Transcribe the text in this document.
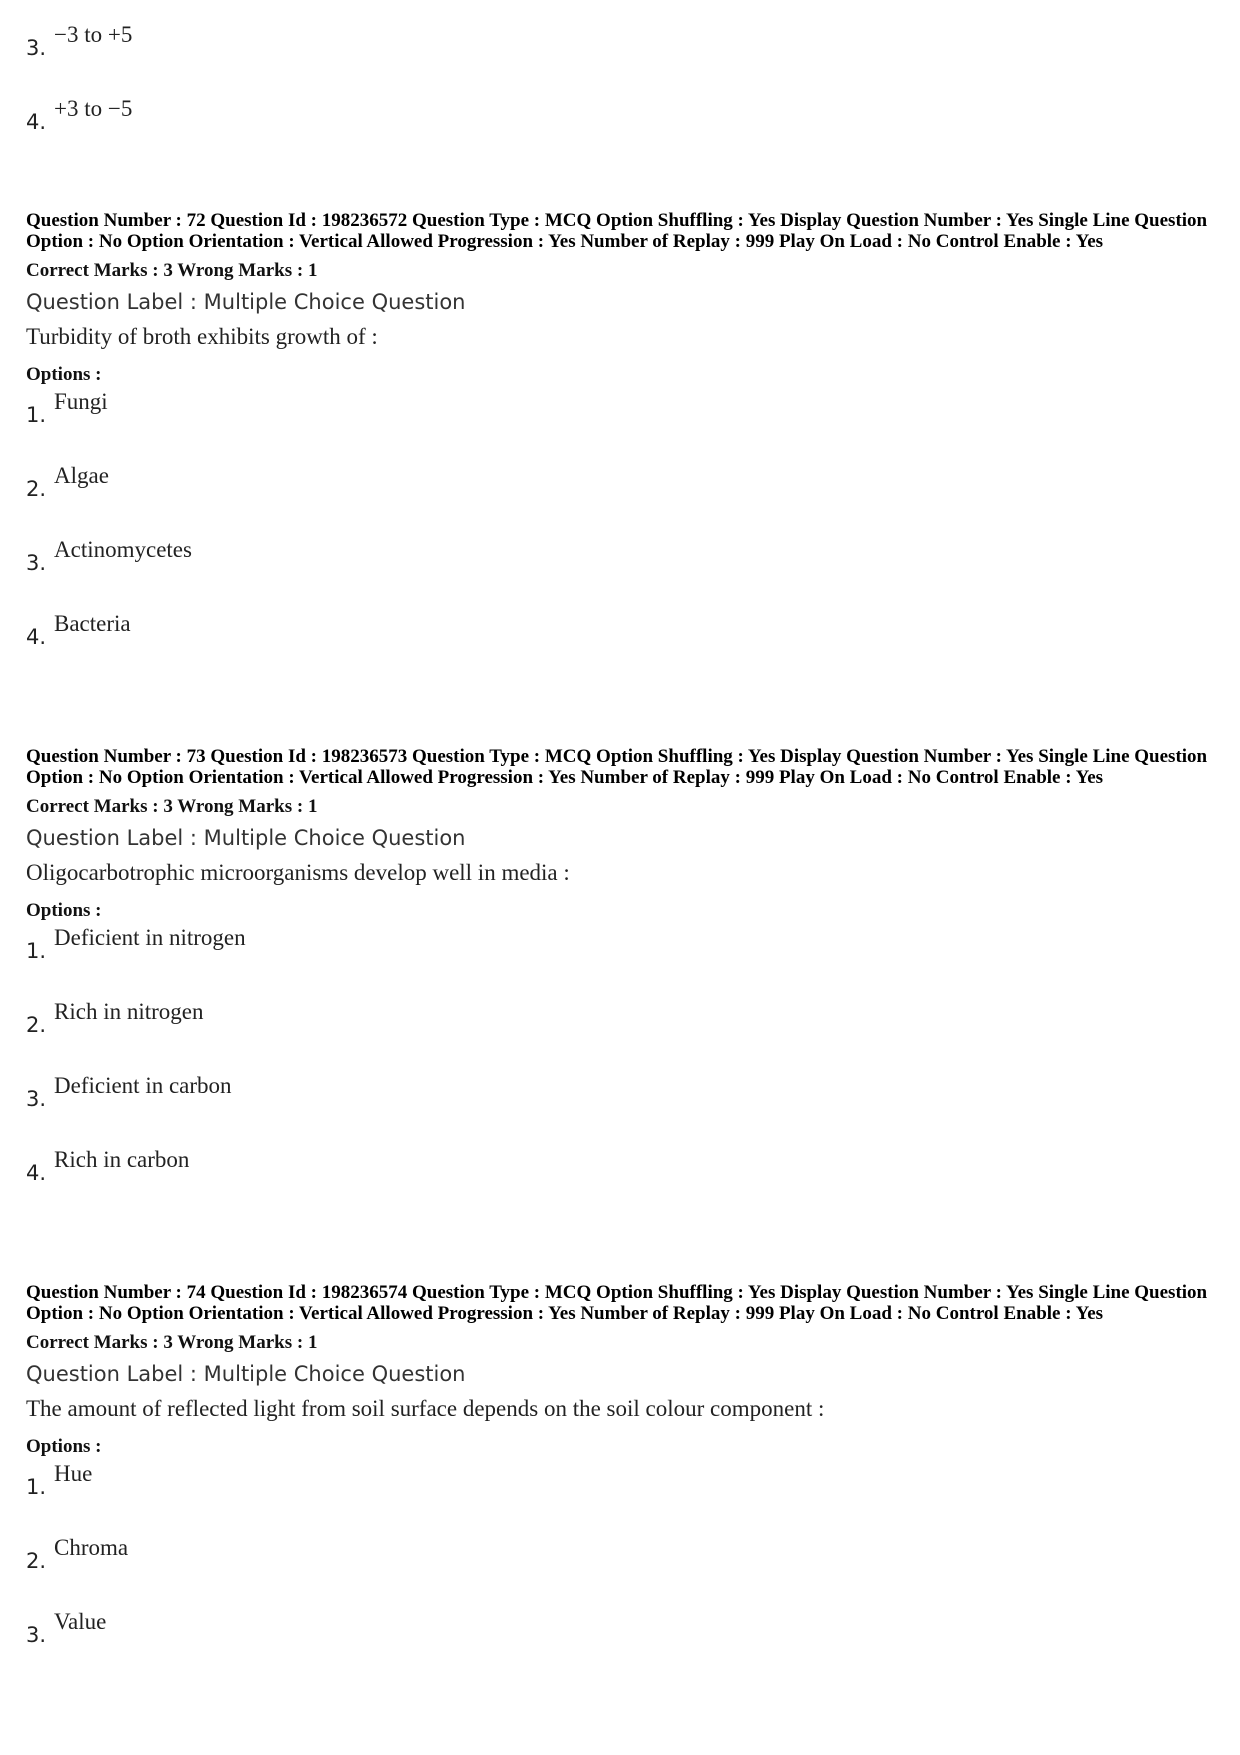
3.
−3 to +5
4.
+3 to −5
Question Number : 72 Question Id : 198236572 Question Type : MCQ Option Shuffling : Yes Display Question Number : Yes Single Line Question Option : No Option Orientation : Vertical Allowed Progression : Yes Number of Replay : 999 Play On Load : No Control Enable : Yes
Correct Marks : 3 Wrong Marks : 1
Question Label : Multiple Choice Question
Turbidity of broth exhibits growth of :
Options :
1.
Fungi
2.
Algae
3.
Actinomycetes
4.
Bacteria
Question Number : 73 Question Id : 198236573 Question Type : MCQ Option Shuffling : Yes Display Question Number : Yes Single Line Question Option : No Option Orientation : Vertical Allowed Progression : Yes Number of Replay : 999 Play On Load : No Control Enable : Yes
Correct Marks : 3 Wrong Marks : 1
Question Label : Multiple Choice Question
Oligocarbotrophic microorganisms develop well in media :
Options :
1.
Deficient in nitrogen
2.
Rich in nitrogen
3.
Deficient in carbon
4.
Rich in carbon
Question Number : 74 Question Id : 198236574 Question Type : MCQ Option Shuffling : Yes Display Question Number : Yes Single Line Question Option : No Option Orientation : Vertical Allowed Progression : Yes Number of Replay : 999 Play On Load : No Control Enable : Yes
Correct Marks : 3 Wrong Marks : 1
Question Label : Multiple Choice Question
The amount of reflected light from soil surface depends on the soil colour component :
Options :
1.
Hue
2.
Chroma
3.
Value
